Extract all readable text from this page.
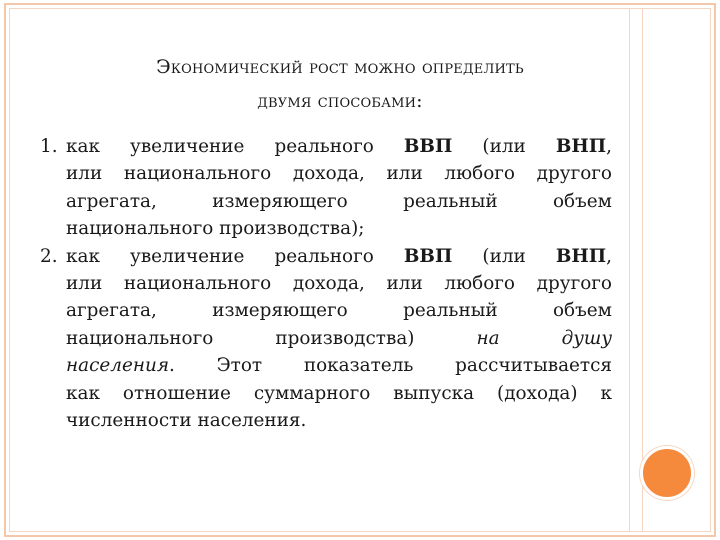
Экономический рост можно определить
двумя способами:
1. как увеличение реального ВВП (или ВНП,
или национального дохода, или любого другого
агрегата, измеряющего реальный объем
национального производства);
2. как увеличение реального ВВП (или ВНП,
или национального дохода, или любого другого
агрегата, измеряющего реальный объем
национального производства) на душу
населения. Этот показатель рассчитывается
как отношение суммарного выпуска (дохода) к
численности населения.
